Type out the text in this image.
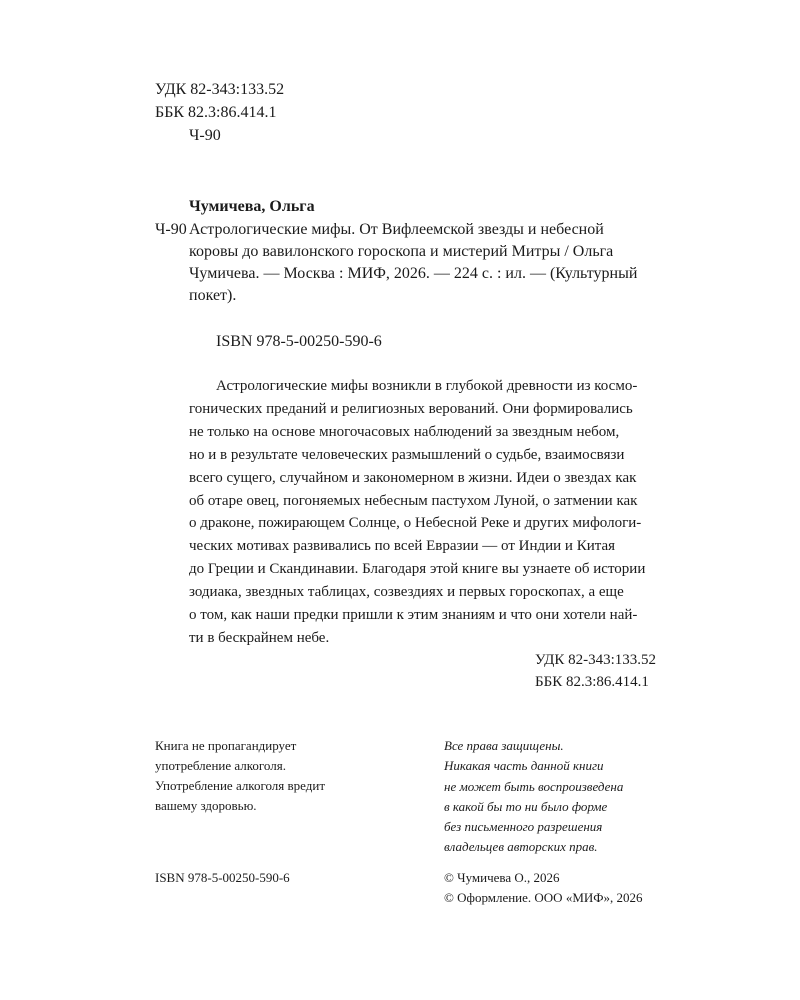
УДК 82-343:133.52
ББК 82.3:86.414.1
Ч-90
Чумичева, Ольга
Ч-90 Астрологические мифы. От Вифлеемской звезды и небесной
коровы до вавилонского гороскопа и мистерий Митры / Ольга
Чумичева. — Москва : МИФ, 2026. — 224 с. : ил. — (Культурный
покет).
ISBN 978-5-00250-590-6
Астрологические мифы возникли в глубокой древности из космо-
гонических преданий и религиозных верований. Они формировались
не только на основе многочасовых наблюдений за звездным небом,
но и в результате человеческих размышлений о судьбе, взаимосвязи
всего сущего, случайном и закономерном в жизни. Идеи о звездах как
об отаре овец, погоняемых небесным пастухом Луной, о затмении как
о драконе, пожирающем Солнце, о Небесной Реке и других мифологи-
ческих мотивах развивались по всей Евразии — от Индии и Китая
до Греции и Скандинавии. Благодаря этой книге вы узнаете об истории
зодиака, звездных таблицах, созвездиях и первых гороскопах, а еще
о том, как наши предки пришли к этим знаниям и что они хотели най-
ти в бескрайнем небе.
УДК 82-343:133.52
ББК 82.3:86.414.1
Книга не пропагандирует
употребление алкоголя.
Употребление алкоголя вредит
вашему здоровью.
Все права защищены.
Никакая часть данной книги
не может быть воспроизведена
в какой бы то ни было форме
без письменного разрешения
владельцев авторских прав.
ISBN 978-5-00250-590-6	© Чумичева О., 2026
© Оформление. ООО «МИФ», 2026
